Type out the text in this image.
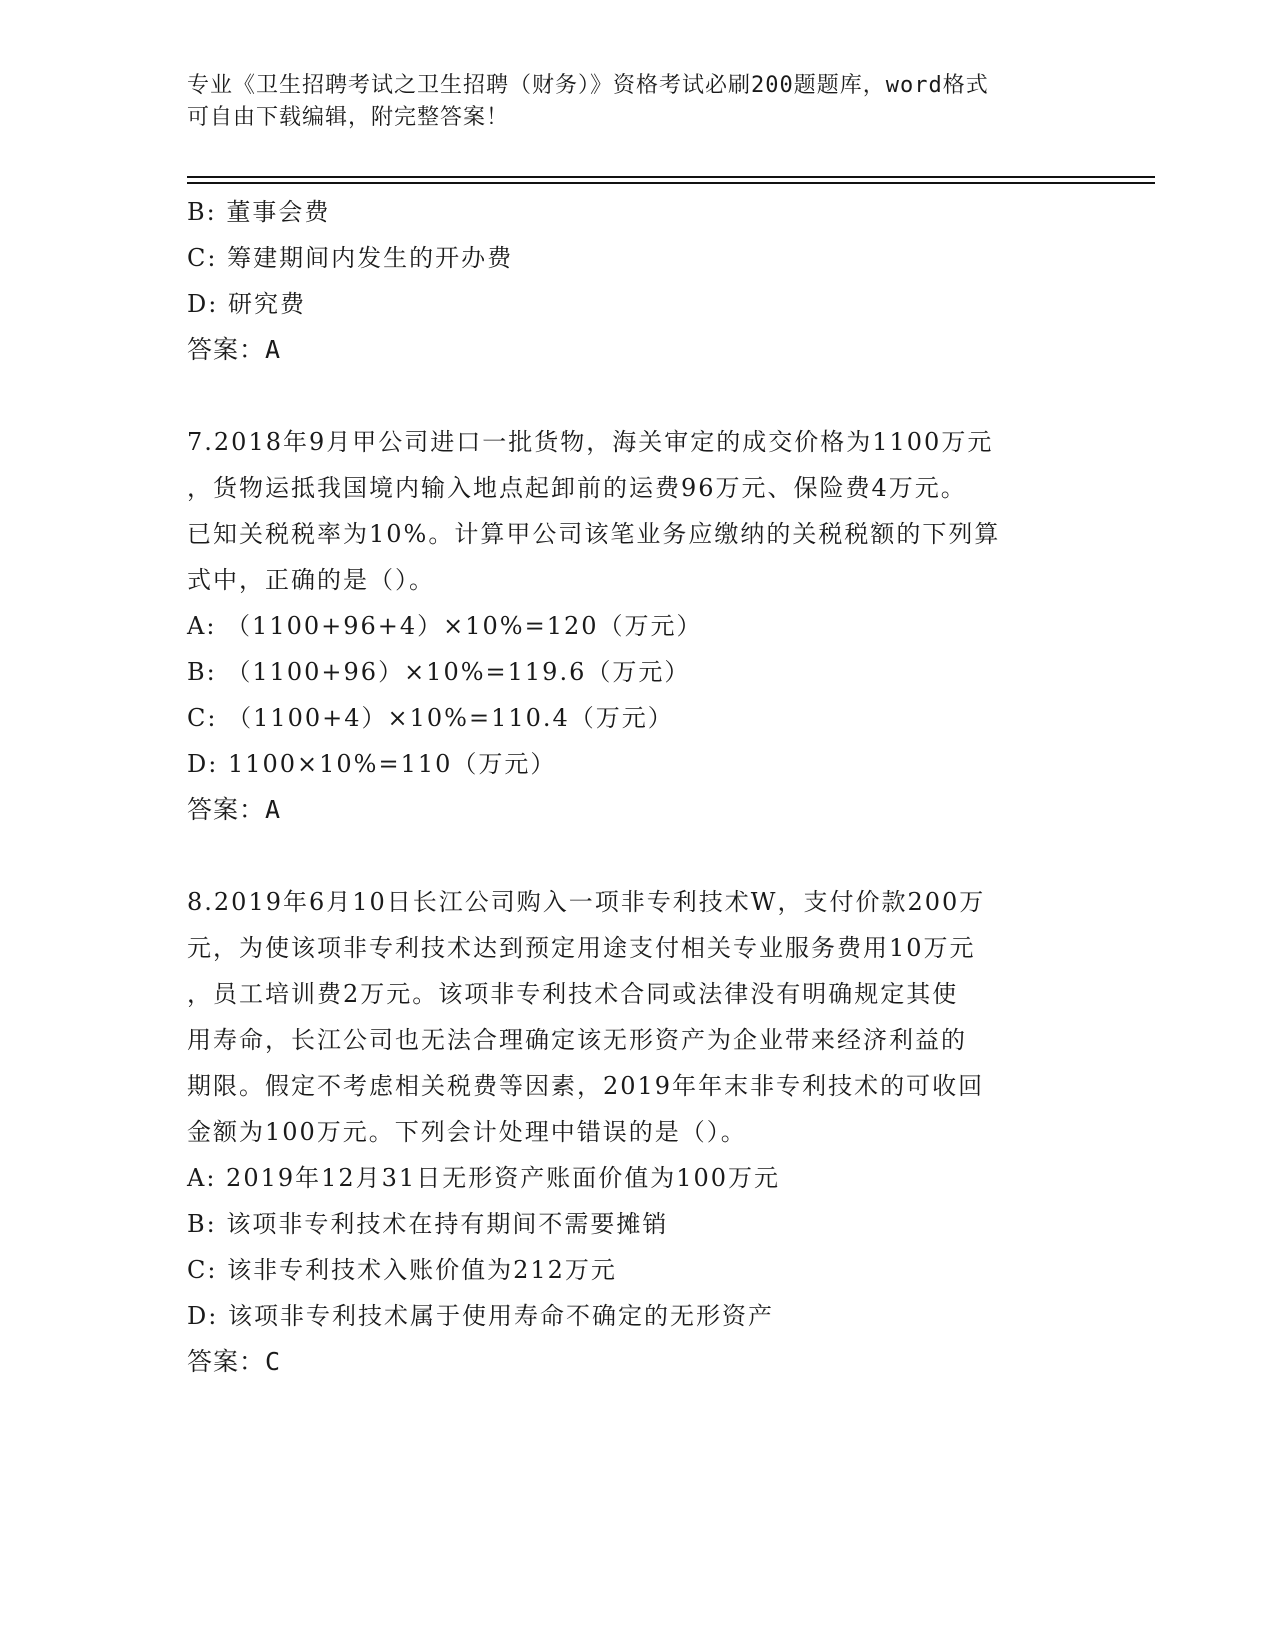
专业《卫生招聘考试之卫生招聘（财务）》资格考试必刷200题题库，word格式

可自由下载编辑，附完整答案！

B: 董事会费

C: 筹建期间内发生的开办费

D: 研究费

答案：A

7.2018年9月甲公司进口一批货物，海关审定的成交价格为1100万元

，货物运抵我国境内输入地点起卸前的运费96万元、保险费4万元。

已知关税税率为10%。计算甲公司该笔业务应缴纳的关税税额的下列算

式中，正确的是（）。

A: （1100+96+4）×10%=120（万元）

B: （1100+96）×10%=119.6（万元）

C: （1100+4）×10%=110.4（万元）

D: 1100×10%=110（万元）

答案：A

8.2019年6月10日长江公司购入一项非专利技术W，支付价款200万

元，为使该项非专利技术达到预定用途支付相关专业服务费用10万元

，员工培训费2万元。该项非专利技术合同或法律没有明确规定其使

用寿命，长江公司也无法合理确定该无形资产为企业带来经济利益的

期限。假定不考虑相关税费等因素，2019年年末非专利技术的可收回

金额为100万元。下列会计处理中错误的是（）。

A: 2019年12月31日无形资产账面价值为100万元

B: 该项非专利技术在持有期间不需要摊销

C: 该非专利技术入账价值为212万元

D: 该项非专利技术属于使用寿命不确定的无形资产

答案：C
